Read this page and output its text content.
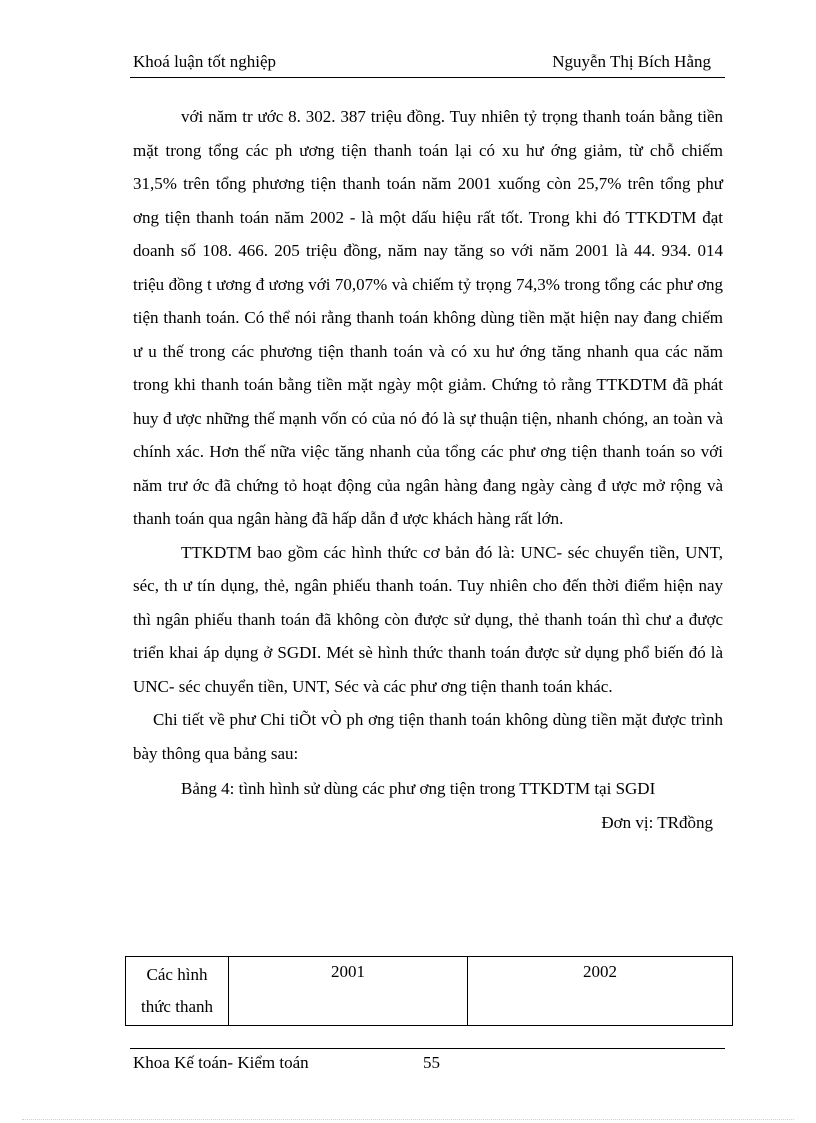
Khoá luận tốt nghiệp	Nguyễn Thị Bích Hằng

với năm tr ước 8. 302. 387 triệu đồng. Tuy nhiên tỷ trọng thanh toán bằng tiền mặt trong tổng các ph ương tiện thanh toán lại có xu hư ớng giảm, từ chỗ chiếm 31,5% trên tổng phương tiện thanh toán năm 2001 xuống còn 25,7% trên tổng phư ơng tiện thanh toán năm 2002 - là một dấu hiệu rất tốt. Trong khi đó TTKDTM đạt doanh số 108. 466. 205 triệu đồng, năm nay tăng so với năm 2001 là 44. 934. 014 triệu đồng t ương đ ương với 70,07% và chiếm tỷ trọng 74,3% trong tổng các phư ơng tiện thanh toán. Có thể nói rằng thanh toán không dùng tiền mặt hiện nay đang chiếm ư u thế trong các phương tiện thanh toán và có xu hư ớng tăng nhanh qua các năm trong khi thanh toán bằng tiền mặt ngày một giảm. Chứng tỏ rằng TTKDTM đã phát huy đ ược những thế mạnh vốn có của nó đó là sự thuận tiện, nhanh chóng, an toàn và chính xác. Hơn thế nữa việc tăng nhanh của tổng các phư ơng tiện thanh toán so với năm trư ớc đã chứng tỏ hoạt động của ngân hàng đang ngày càng đ ược mở rộng và thanh toán qua ngân hàng đã hấp dẫn đ ược khách hàng rất lớn.

TTKDTM bao gồm các hình thức cơ bản đó là: UNC- séc chuyển tiền, UNT, séc, th ư tín dụng, thẻ, ngân phiếu thanh toán. Tuy nhiên cho đến thời điểm hiện nay thì ngân phiếu thanh toán đã không còn được sử dụng, thẻ thanh toán thì chư a được triển khai áp dụng ở SGDI. Mét sè hình thức thanh toán được sử dụng phổ biến đó là UNC- séc chuyển tiền, UNT, Séc và các phư ơng tiện thanh toán khác.

Chi tiết về phư Chi tiÕt vÒ ph ơng tiện thanh toán không dùng tiền mặt được trình bày thông qua bảng sau:

Bảng 4: tình hình sử dùng các phư ơng tiện trong TTKDTM tại SGDI

Đơn vị: TRđồng

Các hình thức thanh	2001	2002
Khoa Kế toán- Kiểm toán	55
